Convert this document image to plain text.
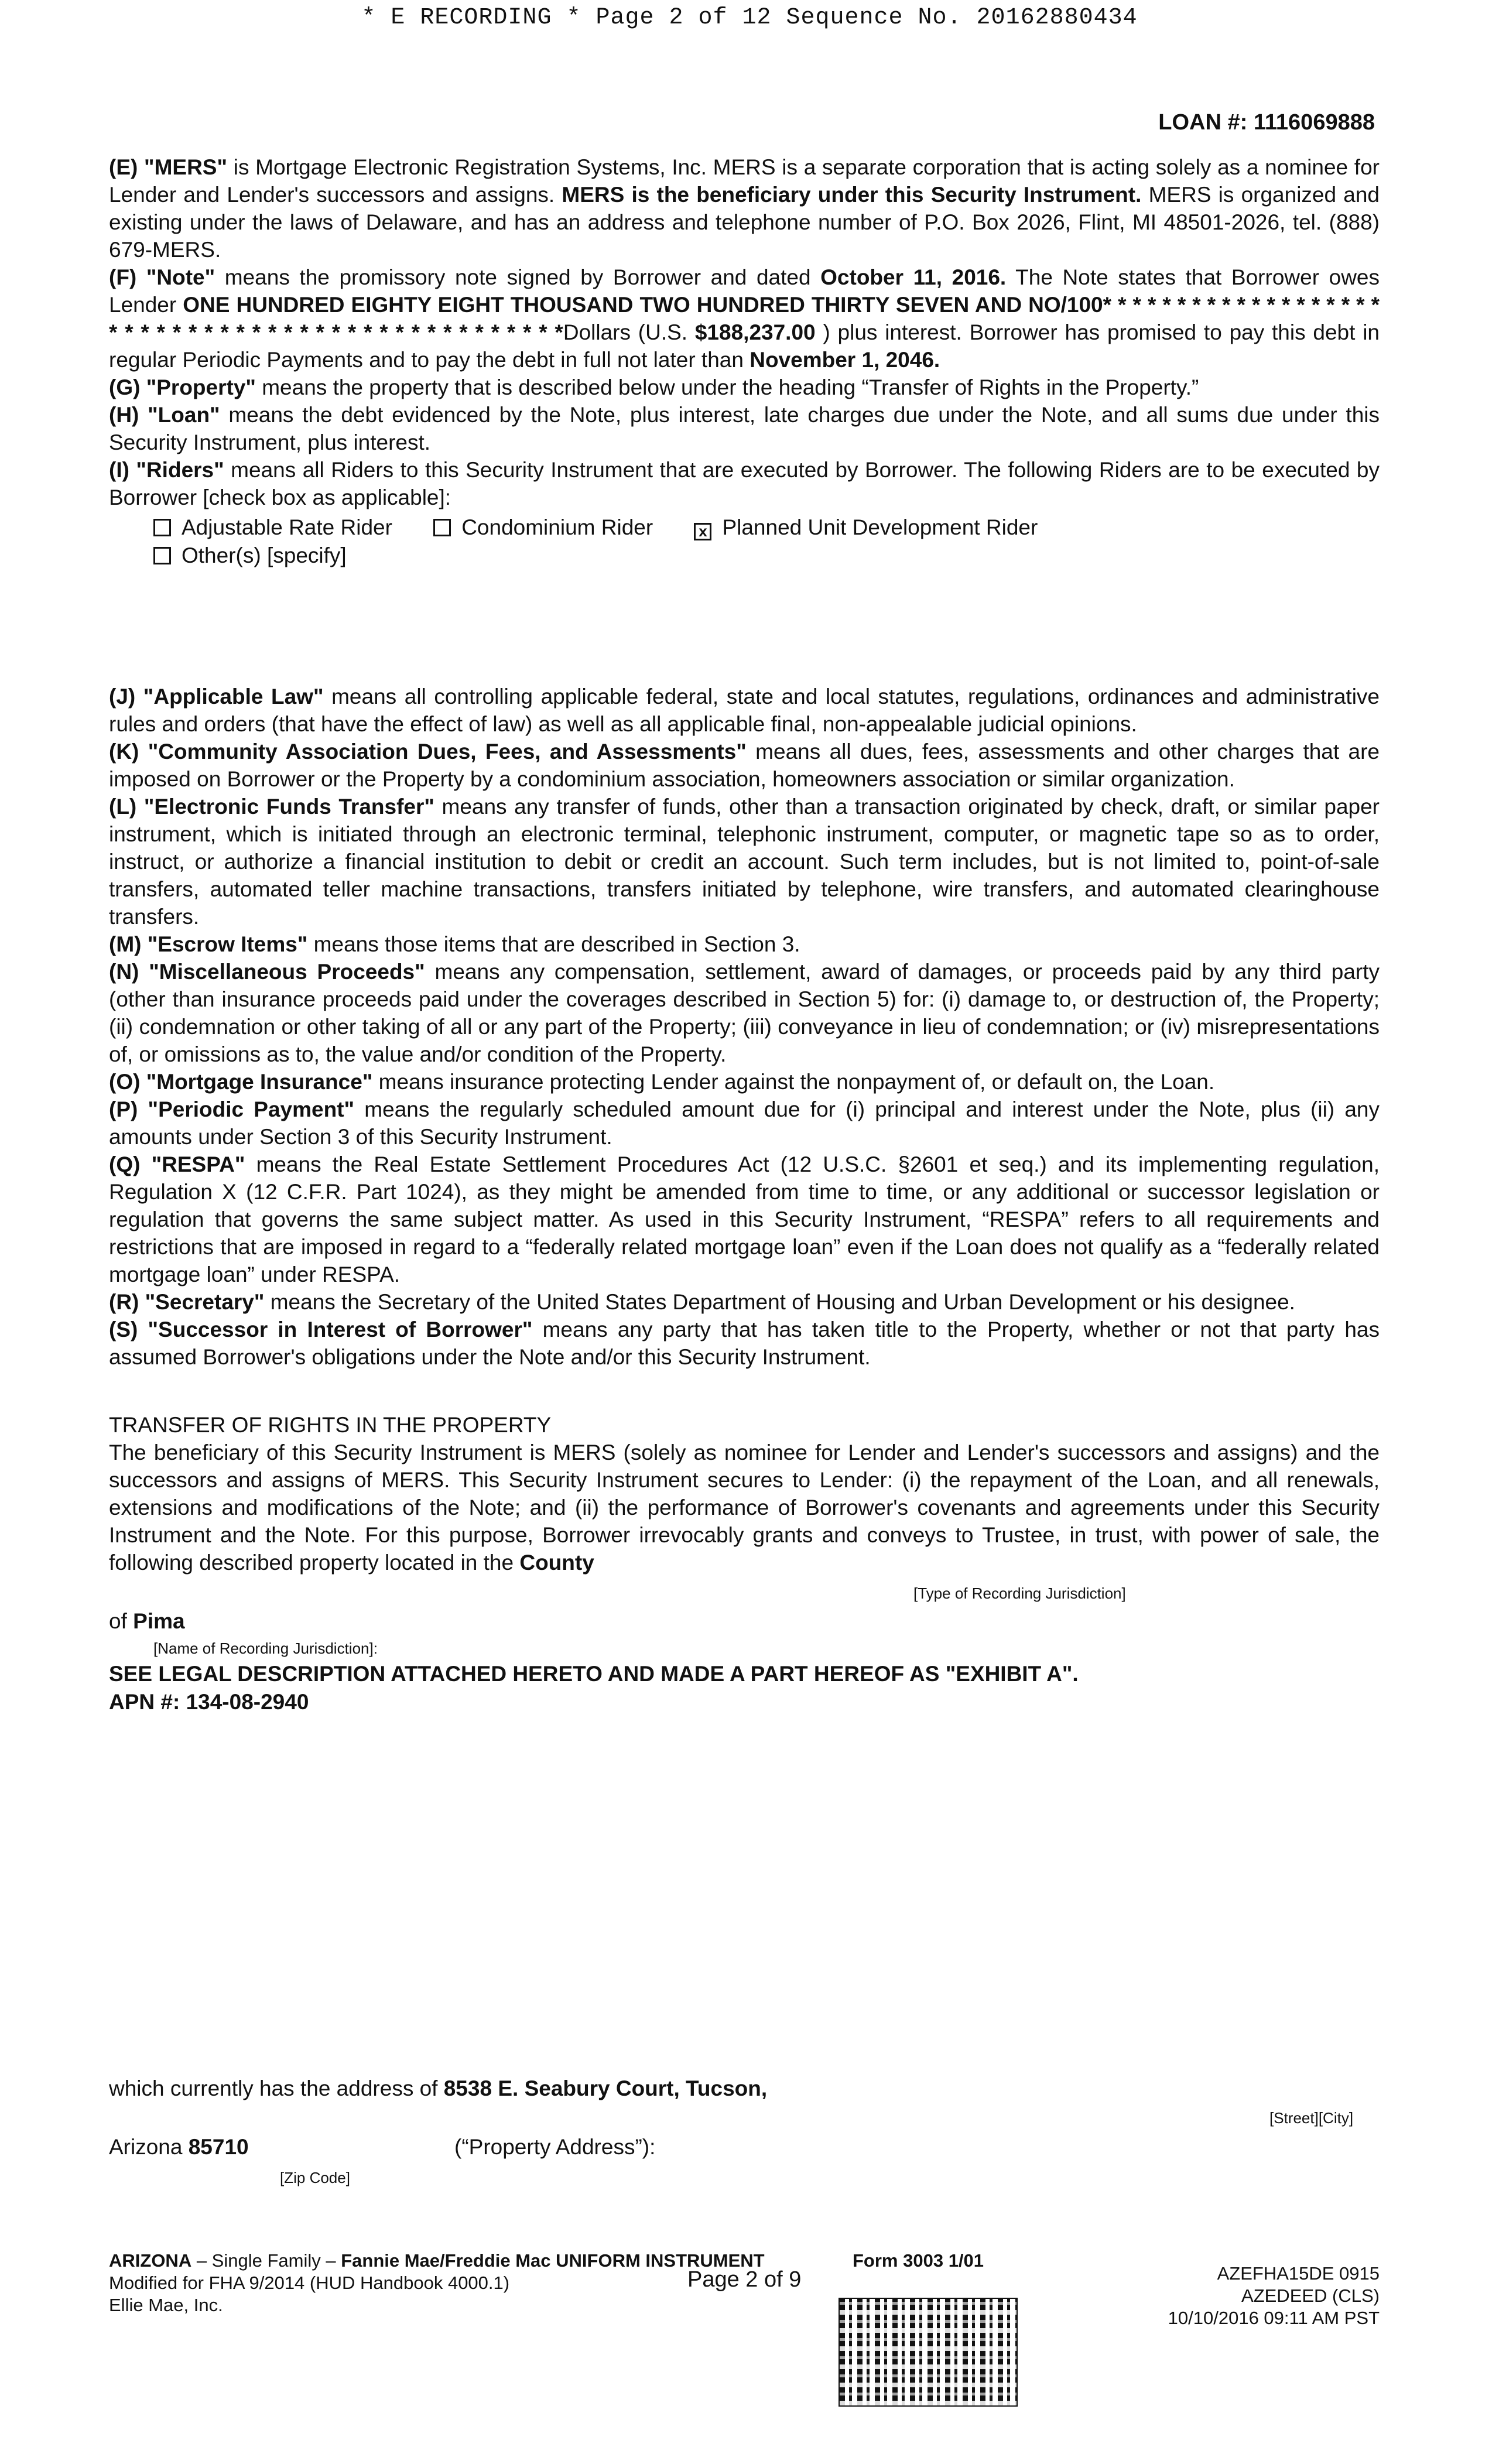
* E RECORDING * Page 2 of 12 Sequence No. 20162880434
LOAN #: 1116069888

(E) "MERS" is Mortgage Electronic Registration Systems, Inc. MERS is a separate corporation that is acting solely as a nominee for Lender and Lender's successors and assigns. MERS is the beneficiary under this Security Instrument. MERS is organized and existing under the laws of Delaware, and has an address and telephone number of P.O. Box 2026, Flint, MI 48501-2026, tel. (888) 679-MERS.

(F) "Note" means the promissory note signed by Borrower and dated October 11, 2016. The Note states that Borrower owes Lender ONE HUNDRED EIGHTY EIGHT THOUSAND TWO HUNDRED THIRTY SEVEN AND NO/100* * * * * * * * * * * * * * * * * * * * * * * * * * * * * * * * * * * * * * * * * * * * * * * *Dollars (U.S. $188,237.00 ) plus interest. Borrower has promised to pay this debt in regular Periodic Payments and to pay the debt in full not later than November 1, 2046.

(G) "Property" means the property that is described below under the heading “Transfer of Rights in the Property.”

(H) "Loan" means the debt evidenced by the Note, plus interest, late charges due under the Note, and all sums due under this Security Instrument, plus interest.

(I) "Riders" means all Riders to this Security Instrument that are executed by Borrower. The following Riders are to be executed by Borrower [check box as applicable]:

Adjustable Rate Rider	Condominium Rider	x Planned Unit Development Rider
Other(s) [specify]

(J) "Applicable Law" means all controlling applicable federal, state and local statutes, regulations, ordinances and administrative rules and orders (that have the effect of law) as well as all applicable final, non-appealable judicial opinions.

(K) "Community Association Dues, Fees, and Assessments" means all dues, fees, assessments and other charges that are imposed on Borrower or the Property by a condominium association, homeowners association or similar organization.

(L) "Electronic Funds Transfer" means any transfer of funds, other than a transaction originated by check, draft, or similar paper instrument, which is initiated through an electronic terminal, telephonic instrument, computer, or magnetic tape so as to order, instruct, or authorize a financial institution to debit or credit an account. Such term includes, but is not limited to, point-of-sale transfers, automated teller machine transactions, transfers initiated by telephone, wire transfers, and automated clearinghouse transfers.

(M) "Escrow Items" means those items that are described in Section 3.

(N) "Miscellaneous Proceeds" means any compensation, settlement, award of damages, or proceeds paid by any third party (other than insurance proceeds paid under the coverages described in Section 5) for: (i) damage to, or destruction of, the Property; (ii) condemnation or other taking of all or any part of the Property; (iii) conveyance in lieu of condemnation; or (iv) misrepresentations of, or omissions as to, the value and/or condition of the Property.

(O) "Mortgage Insurance" means insurance protecting Lender against the nonpayment of, or default on, the Loan.

(P) "Periodic Payment" means the regularly scheduled amount due for (i) principal and interest under the Note, plus (ii) any amounts under Section 3 of this Security Instrument.

(Q) "RESPA" means the Real Estate Settlement Procedures Act (12 U.S.C. §2601 et seq.) and its implementing regulation, Regulation X (12 C.F.R. Part 1024), as they might be amended from time to time, or any additional or successor legislation or regulation that governs the same subject matter. As used in this Security Instrument, “RESPA” refers to all requirements and restrictions that are imposed in regard to a “federally related mortgage loan” even if the Loan does not qualify as a “federally related mortgage loan” under RESPA.

(R) "Secretary" means the Secretary of the United States Department of Housing and Urban Development or his designee.

(S) "Successor in Interest of Borrower" means any party that has taken title to the Property, whether or not that party has assumed Borrower's obligations under the Note and/or this Security Instrument.

TRANSFER OF RIGHTS IN THE PROPERTY

The beneficiary of this Security Instrument is MERS (solely as nominee for Lender and Lender's successors and assigns) and the successors and assigns of MERS. This Security Instrument secures to Lender: (i) the repayment of the Loan, and all renewals, extensions and modifications of the Note; and (ii) the performance of Borrower's covenants and agreements under this Security Instrument and the Note. For this purpose, Borrower irrevocably grants and conveys to Trustee, in trust, with power of sale, the following described property located in the County

[Type of Recording Jurisdiction]
of Pima
[Name of Recording Jurisdiction]:
SEE LEGAL DESCRIPTION ATTACHED HERETO AND MADE A PART HEREOF AS "EXHIBIT A".
APN #: 134-08-2940
which currently has the address of 8538 E. Seabury Court, Tucson,
[Street][City]
Arizona 85710	(“Property Address”):
[Zip Code]
ARIZONA – Single Family – Fannie Mae/Freddie Mac UNIFORM INSTRUMENT
Modified for FHA 9/2014 (HUD Handbook 4000.1)
Ellie Mae, Inc.
Form 3003 1/01
Page 2 of 9	AZEFHA15DE 0915
AZEDEED (CLS)
10/10/2016 09:11 AM PST
